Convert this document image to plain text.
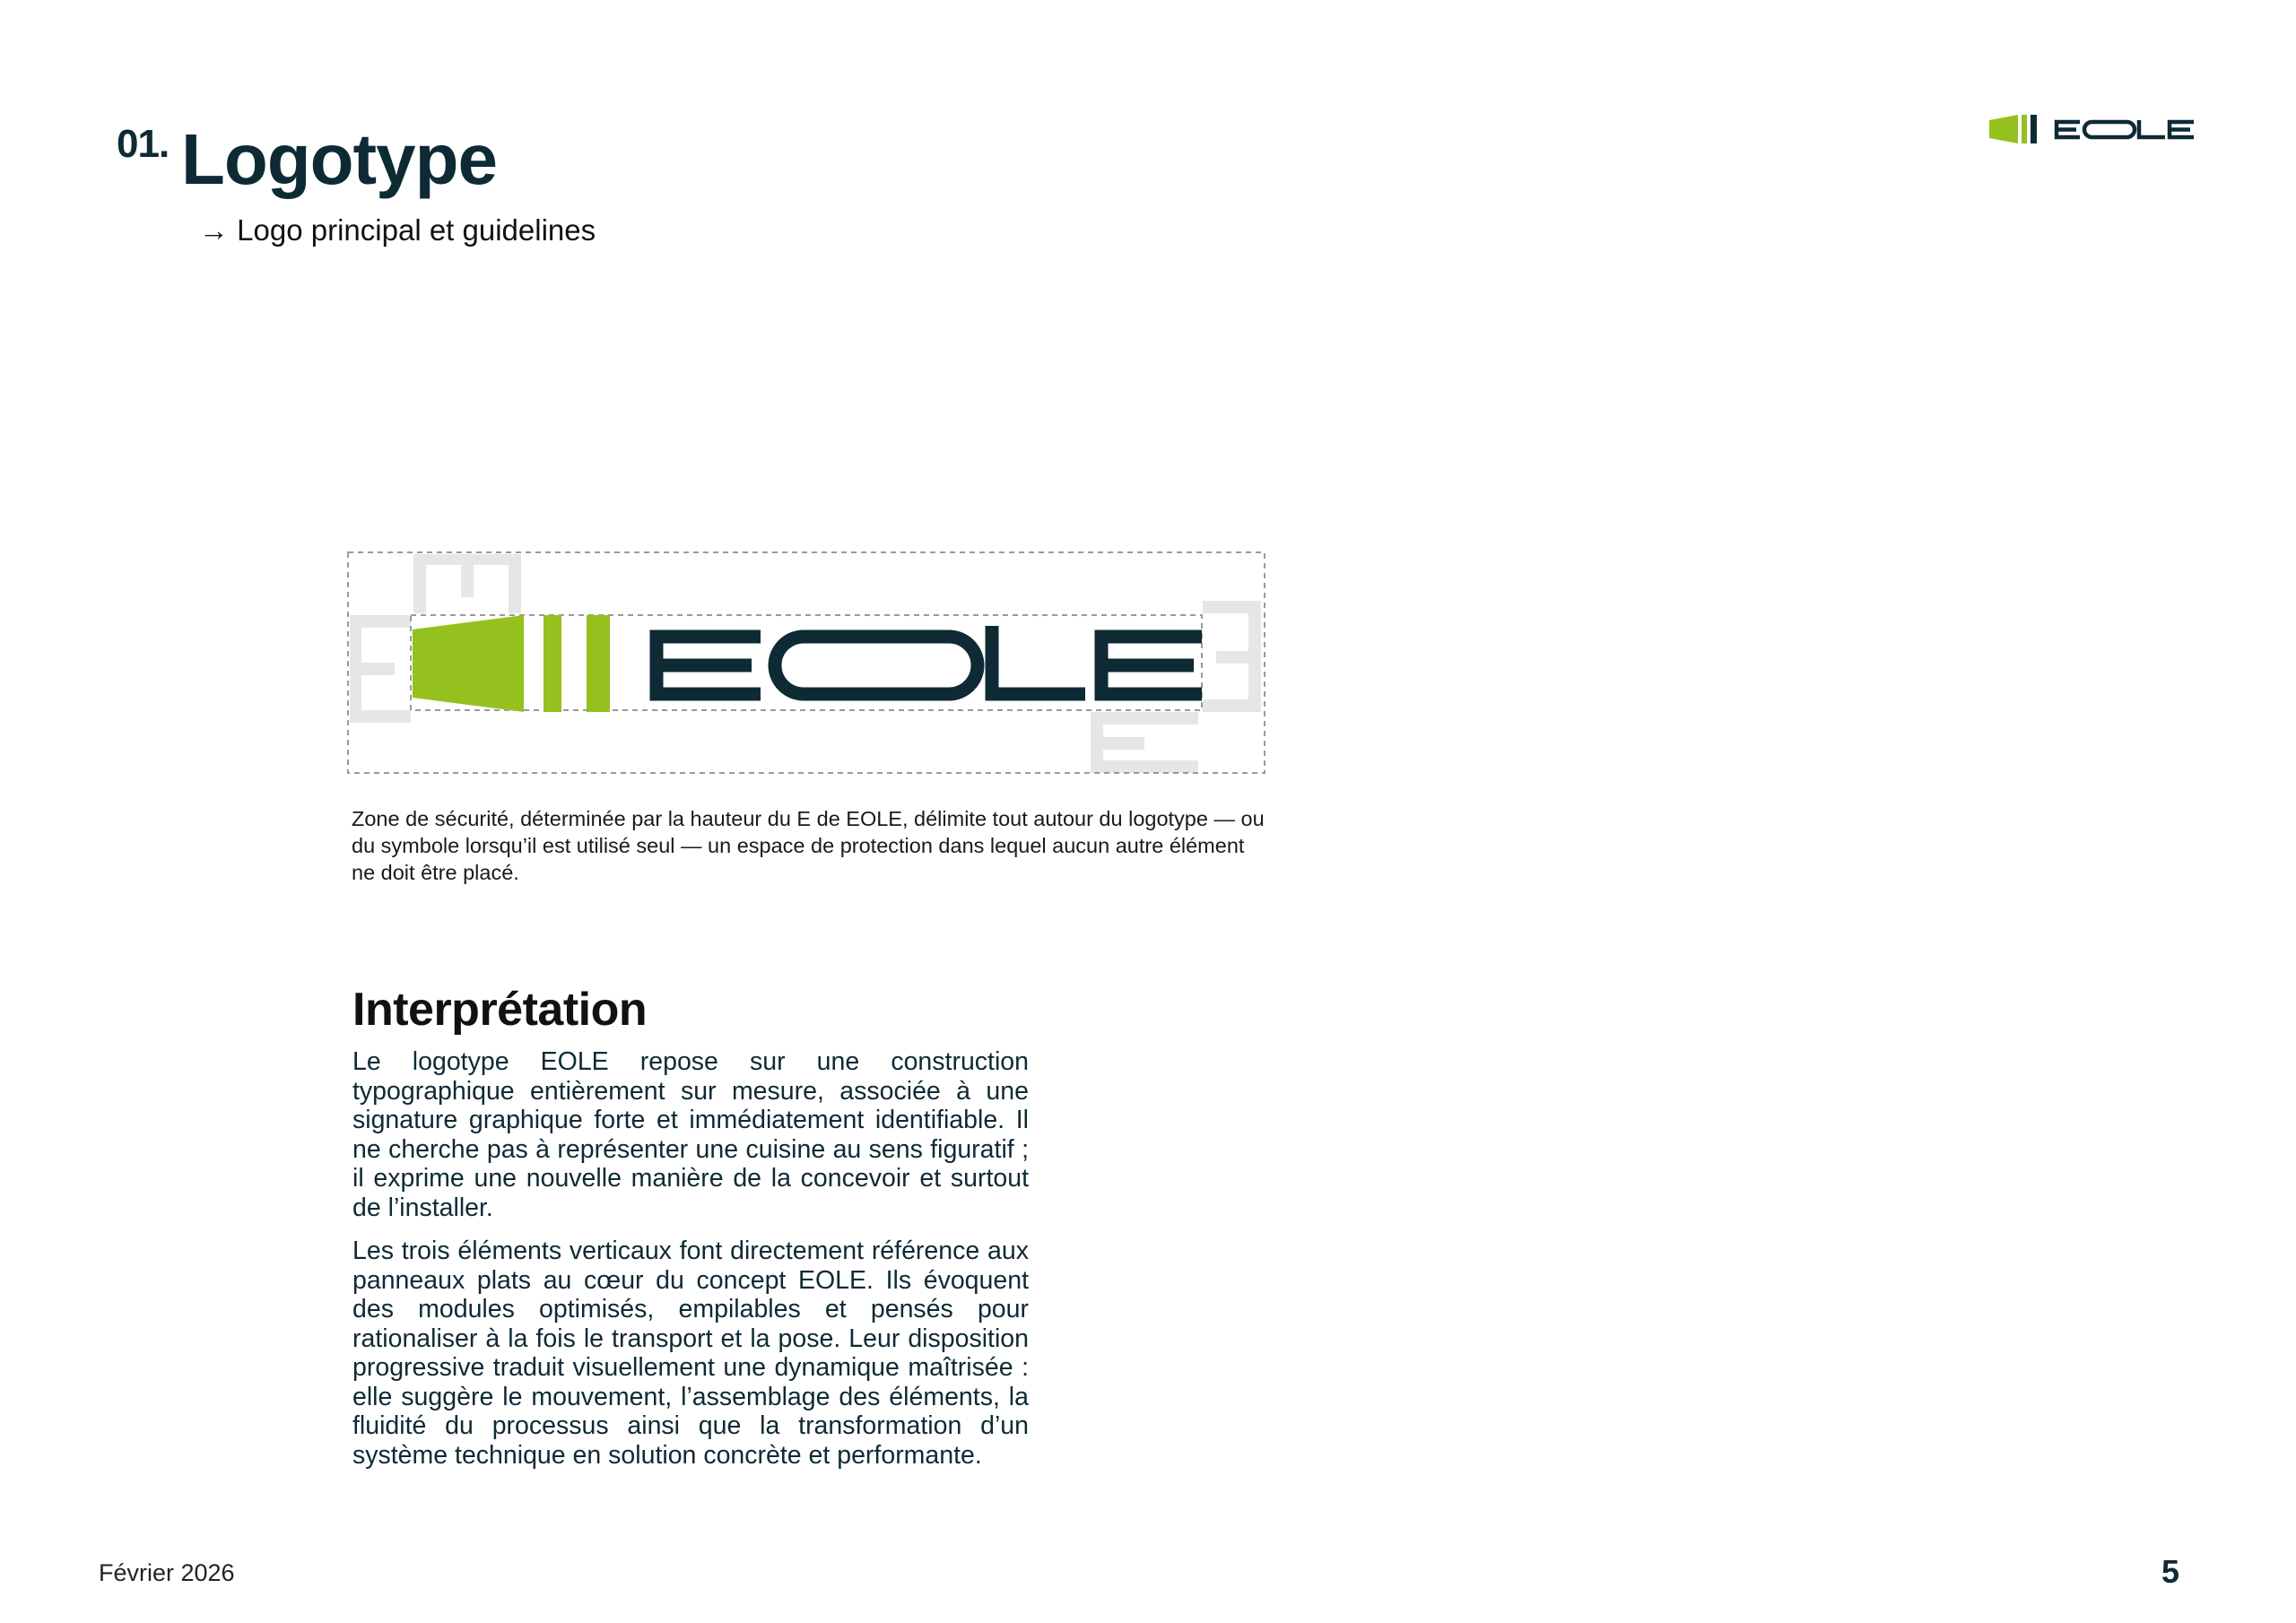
01. Logotype
→ Logo principal et guidelines

Zone de sécurité, déterminée par la hauteur du E de EOLE, délimite tout autour du logotype — ou du symbole lorsqu’il est utilisé seul — un espace de protection dans lequel aucun autre élément ne doit être placé.

Interprétation

Le logotype EOLE repose sur une construction typographique entièrement sur mesure, associée à une signature graphique forte et immédiatement identifiable. Il ne cherche pas à représenter une cuisine au sens figuratif ; il exprime une nouvelle manière de la concevoir et surtout de l’installer.

Les trois éléments verticaux font directement référence aux panneaux plats au cœur du concept EOLE. Ils évoquent des modules optimisés, empilables et pensés pour rationaliser à la fois le transport et la pose. Leur disposition progressive traduit visuellement une dynamique maîtrisée : elle suggère le mouvement, l’assemblage des éléments, la fluidité du processus ainsi que la transformation d’un système technique en solution concrète et performante.

Février 2026	5
